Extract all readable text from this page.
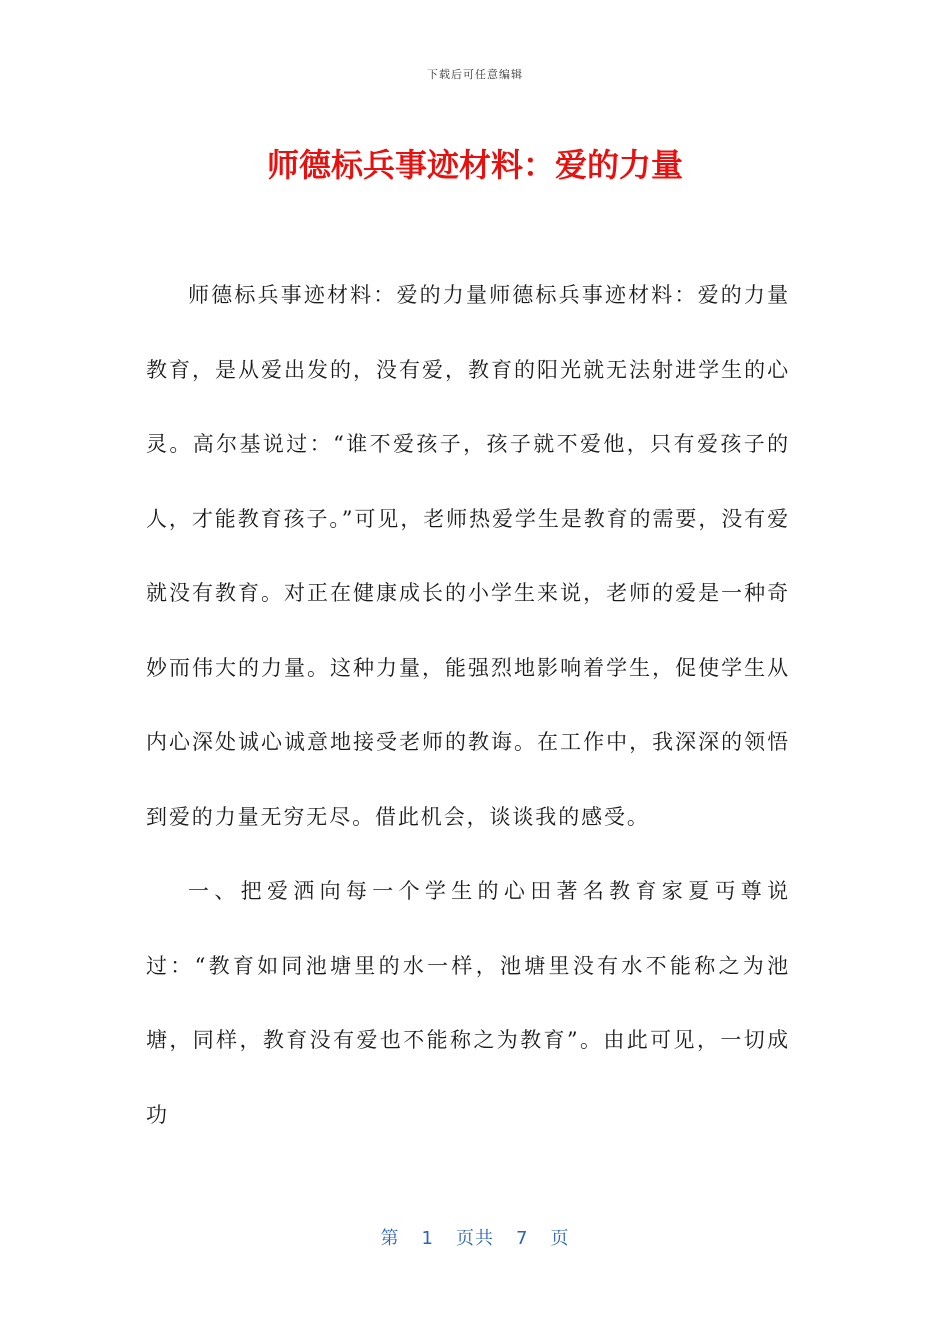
下载后可任意编辑
师德标兵事迹材料：爱的力量

师德标兵事迹材料：爱的力量师德标兵事迹材料：爱的力量教育，是从爱出发的，没有爱，教育的阳光就无法射进学生的心灵。高尔基说过：“谁不爱孩子，孩子就不爱他，只有爱孩子的人，才能教育孩子。”可见，老师热爱学生是教育的需要，没有爱就没有教育。对正在健康成长的小学生来说，老师的爱是一种奇妙而伟大的力量。这种力量，能强烈地影响着学生，促使学生从内心深处诚心诚意地接受老师的教诲。在工作中，我深深的领悟到爱的力量无穷无尽。借此机会，谈谈我的感受。

一、把爱洒向每一个学生的心田著名教育家夏丏尊说过：“教育如同池塘里的水一样，池塘里没有水不能称之为池塘，同样，教育没有爱也不能称之为教育”。由此可见，一切成功

第 1 页共 7 页
